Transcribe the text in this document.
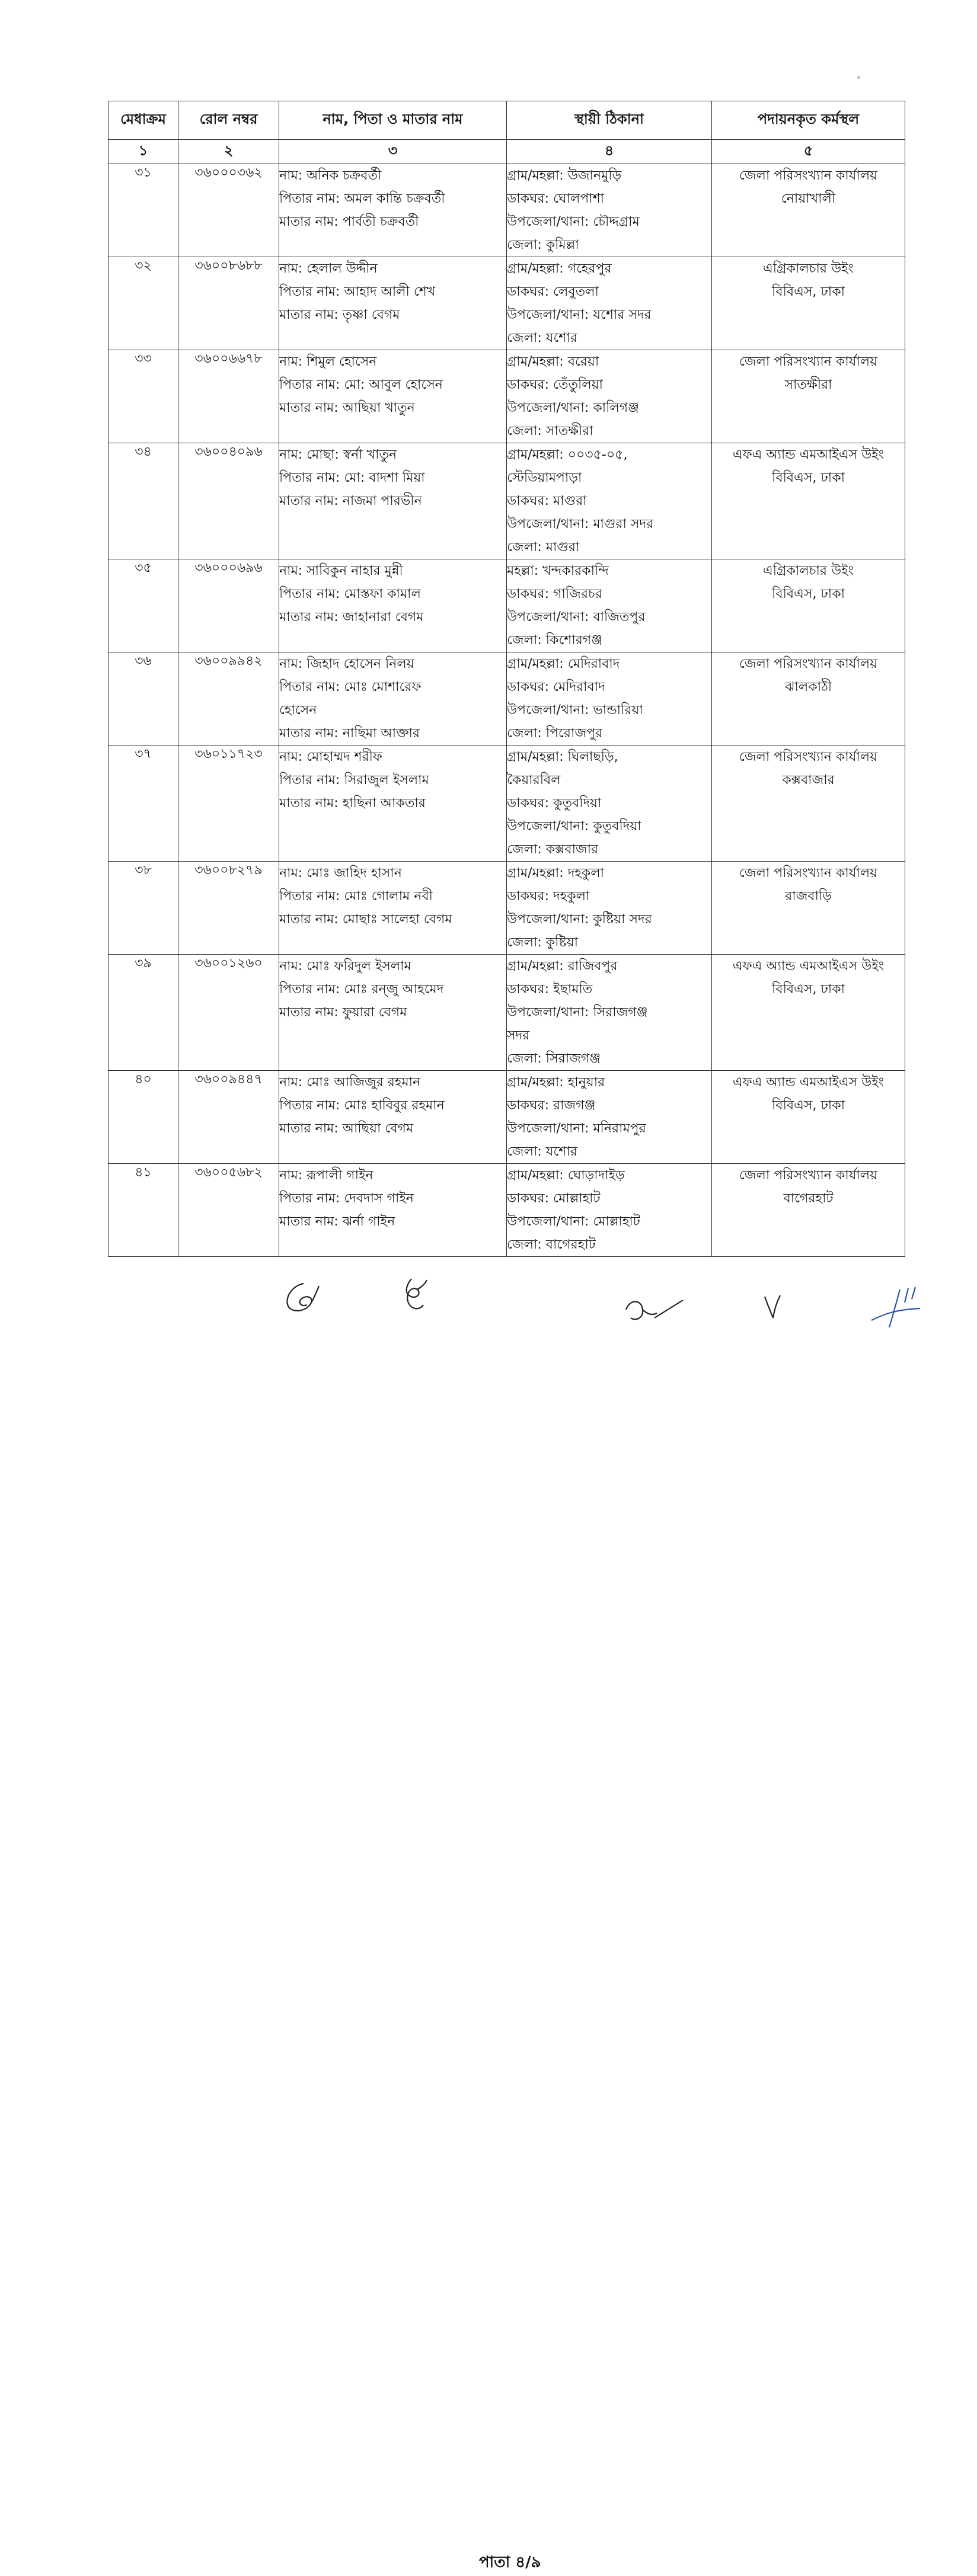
মেধাক্রম	রোল নম্বর	নাম, পিতা ও মাতার নাম	স্থায়ী ঠিকানা	পদায়নকৃত কর্মস্থল
১	২	৩	৪	৫

৩১	৩৬০০০৩৬২	নাম: অনিক চক্রবর্তী
পিতার নাম: অমল কান্তি চক্রবর্তী
মাতার নাম: পার্বতী চক্রবর্তী	গ্রাম/মহল্লা: উজানমুড়ি
ডাকঘর: ঘোলপাশা
উপজেলা/থানা: চৌদ্দগ্রাম
জেলা: কুমিল্লা	জেলা পরিসংখ্যান কার্যালয়
নোয়াখালী

৩২	৩৬০০৮৬৮৮	নাম: হেলাল উদ্দীন
পিতার নাম: আহাদ আলী শেখ
মাতার নাম: তৃষ্ণা বেগম	গ্রাম/মহল্লা: গহেরপুর
ডাকঘর: লেবুতলা
উপজেলা/থানা: যশোর সদর
জেলা: যশোর	এগ্রিকালচার উইং
বিবিএস, ঢাকা

৩৩	৩৬০০৬৬৭৮	নাম: শিমুল হোসেন
পিতার নাম: মো: আবুল হোসেন
মাতার নাম: আছিয়া খাতুন	গ্রাম/মহল্লা: বরেয়া
ডাকঘর: তেঁতুলিয়া
উপজেলা/থানা: কালিগঞ্জ
জেলা: সাতক্ষীরা	জেলা পরিসংখ্যান কার্যালয়
সাতক্ষীরা

৩৪	৩৬০০৪০৯৬	নাম: মোছা: স্বর্না খাতুন
পিতার নাম: মো: বাদশা মিয়া
মাতার নাম: নাজমা পারভীন	গ্রাম/মহল্লা: ০০৩৫-০৫,
স্টেডিয়ামপাড়া
ডাকঘর: মাগুরা
উপজেলা/থানা: মাগুরা সদর
জেলা: মাগুরা	এফএ অ্যান্ড এমআইএস উইং
বিবিএস, ঢাকা

৩৫	৩৬০০০৬৯৬	নাম: সাবিকুন নাহার মুন্নী
পিতার নাম: মোস্তফা কামাল
মাতার নাম: জাহানারা বেগম	মহল্লা: খন্দকারকান্দি
ডাকঘর: গাজিরচর
উপজেলা/থানা: বাজিতপুর
জেলা: কিশোরগঞ্জ	এগ্রিকালচার উইং
বিবিএস, ঢাকা

৩৬	৩৬০০৯৯৪২	নাম: জিহাদ হোসেন নিলয়
পিতার নাম: মোঃ মোশারেফ
হোসেন
মাতার নাম: নাছিমা আক্তার	গ্রাম/মহল্লা: মেদিরাবাদ
ডাকঘর: মেদিরাবাদ
উপজেলা/থানা: ভান্ডারিয়া
জেলা: পিরোজপুর	জেলা পরিসংখ্যান কার্যালয়
ঝালকাঠী

৩৭	৩৬০১১৭২৩	নাম: মোহাম্মদ শরীফ
পিতার নাম: সিরাজুল ইসলাম
মাতার নাম: হাছিনা আকতার	গ্রাম/মহল্লা: ঘিলাছড়ি,
কৈয়ারবিল
ডাকঘর: কুতুবদিয়া
উপজেলা/থানা: কুতুবদিয়া
জেলা: কক্সবাজার	জেলা পরিসংখ্যান কার্যালয়
কক্সবাজার

৩৮	৩৬০০৮২৭৯	নাম: মোঃ জাহিদ হাসান
পিতার নাম: মোঃ গোলাম নবী
মাতার নাম: মোছাঃ সালেহা বেগম	গ্রাম/মহল্লা: দহকুলা
ডাকঘর: দহকুলা
উপজেলা/থানা: কুষ্টিয়া সদর
জেলা: কুষ্টিয়া	জেলা পরিসংখ্যান কার্যালয়
রাজবাড়ি

৩৯	৩৬০০১২৬০	নাম: মোঃ ফরিদুল ইসলাম
পিতার নাম: মোঃ রন্জু আহমেদ
মাতার নাম: ফুয়ারা বেগম	গ্রাম/মহল্লা: রাজিবপুর
ডাকঘর: ইছামতি
উপজেলা/থানা: সিরাজগঞ্জ
সদর
জেলা: সিরাজগঞ্জ	এফএ অ্যান্ড এমআইএস উইং
বিবিএস, ঢাকা

৪০	৩৬০০৯৪৪৭	নাম: মোঃ আজিজুর রহমান
পিতার নাম: মোঃ হাবিবুর রহমান
মাতার নাম: আছিয়া বেগম	গ্রাম/মহল্লা: হানুয়ার
ডাকঘর: রাজগঞ্জ
উপজেলা/থানা: মনিরামপুর
জেলা: যশোর	এফএ অ্যান্ড এমআইএস উইং
বিবিএস, ঢাকা

৪১	৩৬০০৫৬৮২	নাম: রূপালী গাইন
পিতার নাম: দেবদাস গাইন
মাতার নাম: ঝর্না গাইন	গ্রাম/মহল্লা: ঘোড়াদাইড়
ডাকঘর: মোল্লাহাট
উপজেলা/থানা: মোল্লাহাট
জেলা: বাগেরহাট	জেলা পরিসংখ্যান কার্যালয়
বাগেরহাট
পাতা ৪/৯
